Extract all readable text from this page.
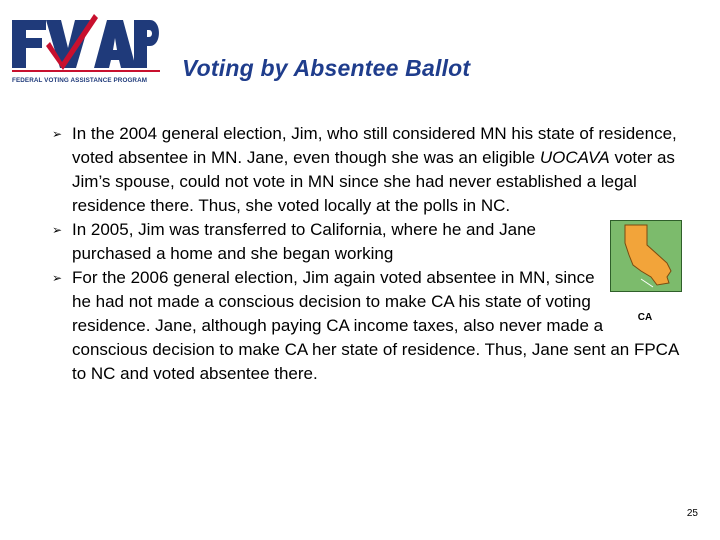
FEDERAL VOTING ASSISTANCE PROGRAM	Voting by Absentee Ballot
➢ In the 2004 general election, Jim, who still considered MN his state of residence, voted absentee in MN. Jane, even though she was an eligible UOCAVA voter as Jim’s spouse, could not vote in MN since she had never established a legal residence there. Thus, she voted locally at the polls in NC.
➢
CA
In 2005, Jim was transferred to California, where he and Jane purchased a home and she began working
➢ For the 2006 general election, Jim again voted absentee in MN, since he had not made a conscious decision to make CA his state of voting residence. Jane, although paying CA income taxes, also never made a conscious decision to make CA her state of residence. Thus, Jane sent an FPCA to NC and voted absentee there.
25
